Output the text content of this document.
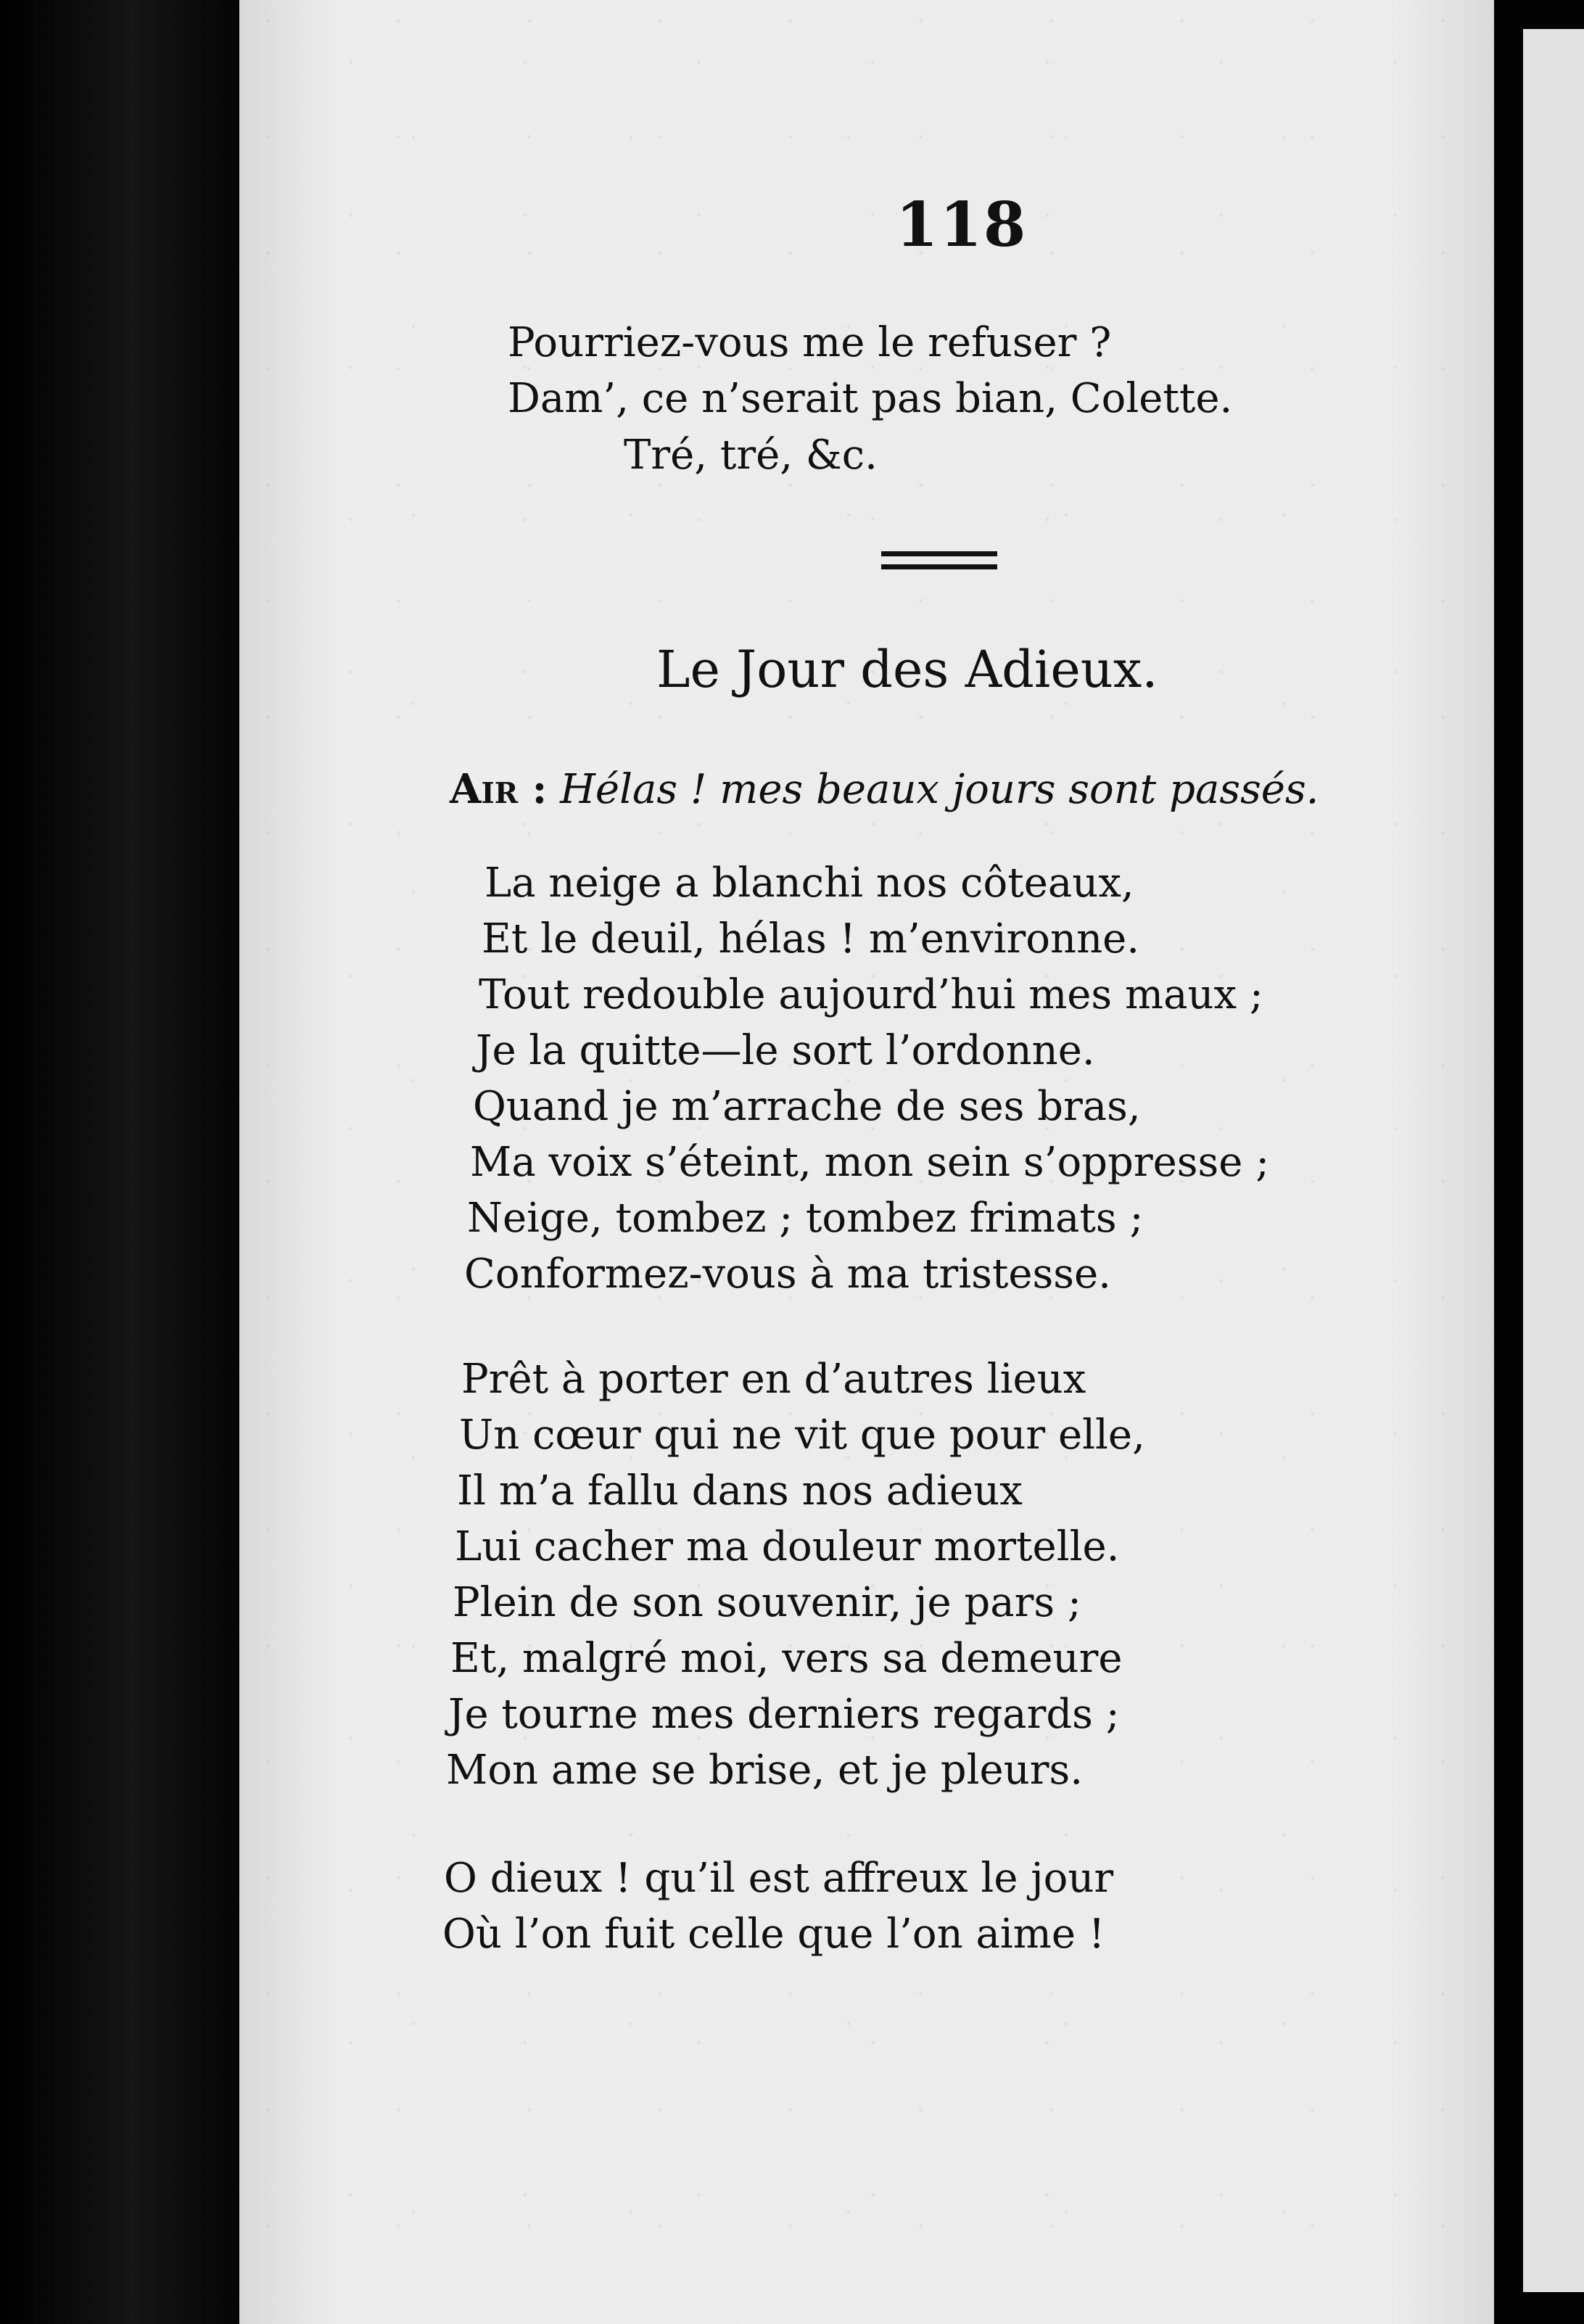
118
Pourriez-vous me le refuser ?
Dam’, ce n’serait pas bian, Colette.
Tré, tré, &c.
Le Jour des Adieux.
Air : Hélas ! mes beaux jours sont passés.
La neige a blanchi nos côteaux,
Et le deuil, hélas ! m’environne.
Tout redouble aujourd’hui mes maux ;
Je la quitte—le sort l’ordonne.
Quand je m’arrache de ses bras,
Ma voix s’éteint, mon sein s’oppresse ;
Neige, tombez ; tombez frimats ;
Conformez-vous à ma tristesse.
Prêt à porter en d’autres lieux
Un cœur qui ne vit que pour elle,
Il m’a fallu dans nos adieux
Lui cacher ma douleur mortelle.
Plein de son souvenir, je pars ;
Et, malgré moi, vers sa demeure
Je tourne mes derniers regards ;
Mon ame se brise, et je pleurs.
O dieux ! qu’il est affreux le jour
Où l’on fuit celle que l’on aime !
